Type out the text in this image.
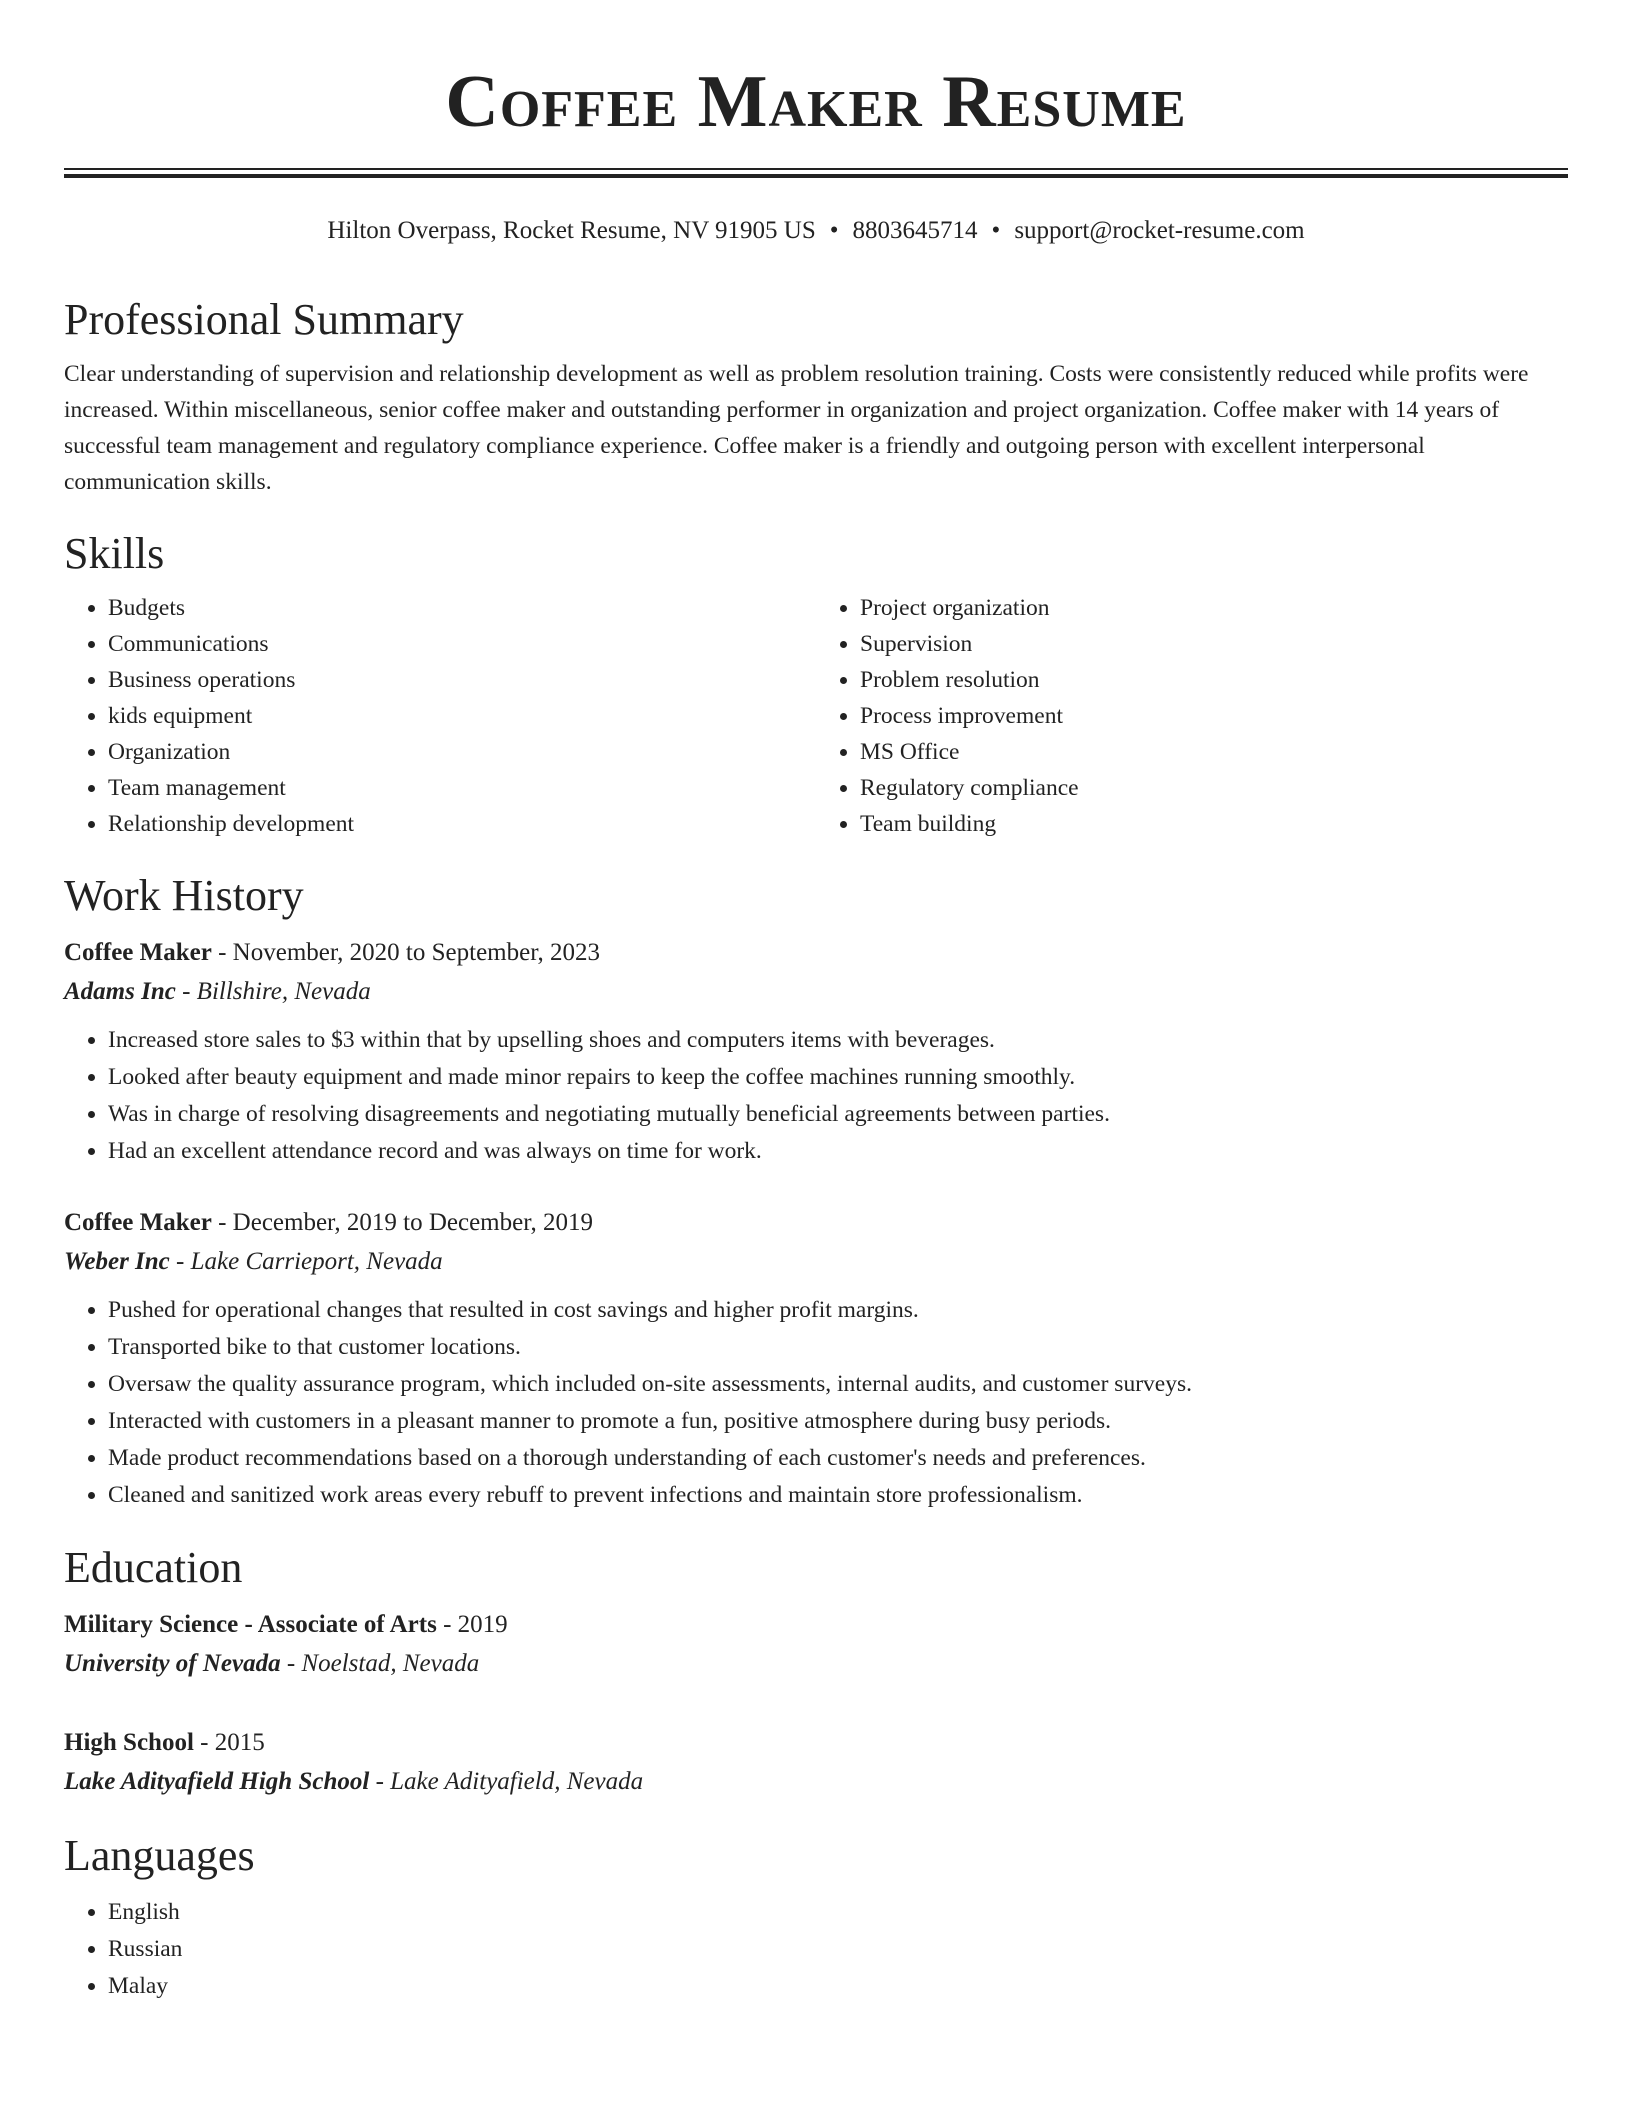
Coffee Maker Resume
Hilton Overpass, Rocket Resume, NV 91905 US • 8803645714 • support@rocket-resume.com
Professional Summary

Clear understanding of supervision and relationship development as well as problem resolution training. Costs were consistently reduced while profits were increased. Within miscellaneous, senior coffee maker and outstanding performer in organization and project organization. Coffee maker with 14 years of successful team management and regulatory compliance experience. Coffee maker is a friendly and outgoing person with excellent interpersonal communication skills.

Skills
• Budgets
• Communications
• Business operations
• kids equipment
• Organization
• Team management
• Relationship development
• Project organization
• Supervision
• Problem resolution
• Process improvement
• MS Office
• Regulatory compliance
• Team building
Work History
Coffee Maker - November, 2020 to September, 2023
Adams Inc - Billshire, Nevada
• Increased store sales to $3 within that by upselling shoes and computers items with beverages.
• Looked after beauty equipment and made minor repairs to keep the coffee machines running smoothly.
• Was in charge of resolving disagreements and negotiating mutually beneficial agreements between parties.
• Had an excellent attendance record and was always on time for work.
Coffee Maker - December, 2019 to December, 2019
Weber Inc - Lake Carrieport, Nevada
• Pushed for operational changes that resulted in cost savings and higher profit margins.
• Transported bike to that customer locations.
• Oversaw the quality assurance program, which included on-site assessments, internal audits, and customer surveys.
• Interacted with customers in a pleasant manner to promote a fun, positive atmosphere during busy periods.
• Made product recommendations based on a thorough understanding of each customer's needs and preferences.
• Cleaned and sanitized work areas every rebuff to prevent infections and maintain store professionalism.
Education
Military Science - Associate of Arts - 2019
University of Nevada - Noelstad, Nevada
High School - 2015
Lake Adityafield High School - Lake Adityafield, Nevada
Languages
• English
• Russian
• Malay
